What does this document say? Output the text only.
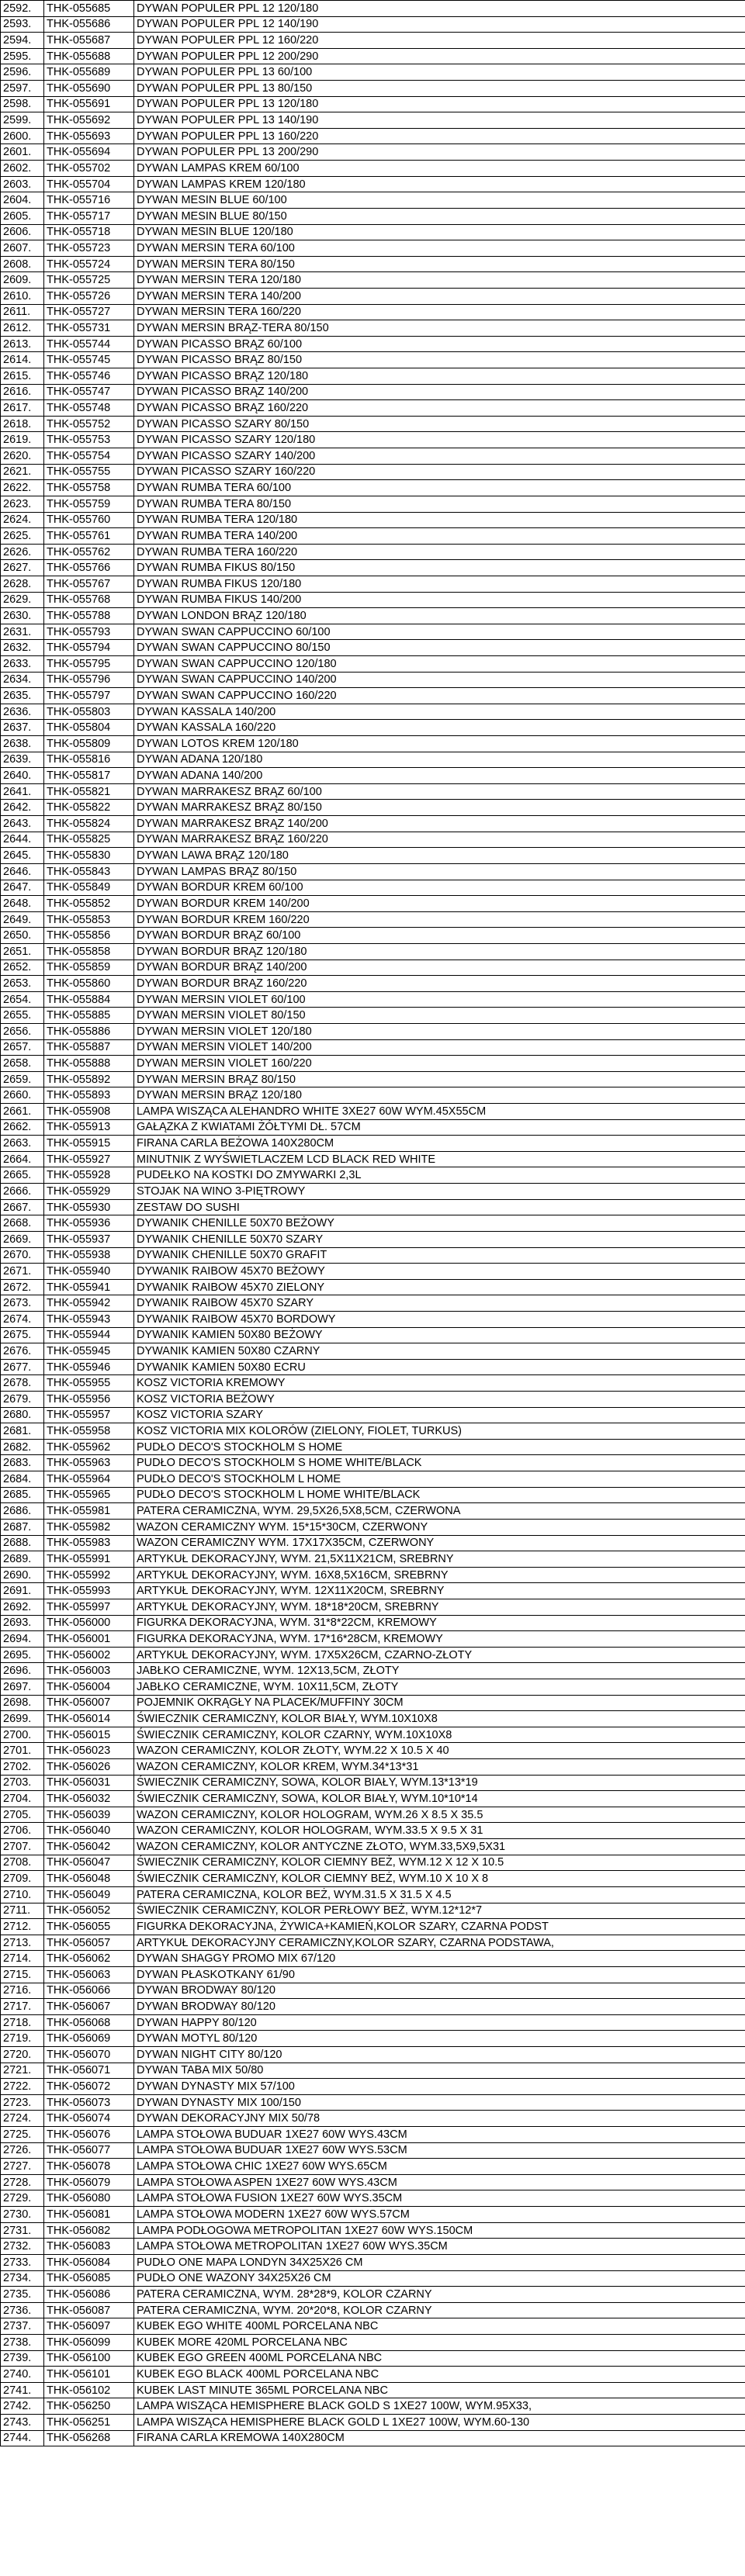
2592.	THK-055685	DYWAN POPULER PPL 12 120/180
2593.	THK-055686	DYWAN POPULER PPL 12 140/190
2594.	THK-055687	DYWAN POPULER PPL 12 160/220
2595.	THK-055688	DYWAN POPULER PPL 12 200/290
2596.	THK-055689	DYWAN POPULER PPL 13 60/100
2597.	THK-055690	DYWAN POPULER PPL 13 80/150
2598.	THK-055691	DYWAN POPULER PPL 13 120/180
2599.	THK-055692	DYWAN POPULER PPL 13 140/190
2600.	THK-055693	DYWAN POPULER PPL 13 160/220
2601.	THK-055694	DYWAN POPULER PPL 13 200/290
2602.	THK-055702	DYWAN LAMPAS KREM 60/100
2603.	THK-055704	DYWAN LAMPAS KREM 120/180
2604.	THK-055716	DYWAN MESIN BLUE 60/100
2605.	THK-055717	DYWAN MESIN BLUE 80/150
2606.	THK-055718	DYWAN MESIN BLUE 120/180
2607.	THK-055723	DYWAN MERSIN TERA 60/100
2608.	THK-055724	DYWAN MERSIN TERA 80/150
2609.	THK-055725	DYWAN MERSIN TERA 120/180
2610.	THK-055726	DYWAN MERSIN TERA 140/200
2611.	THK-055727	DYWAN MERSIN TERA 160/220
2612.	THK-055731	DYWAN MERSIN BRĄZ-TERA 80/150
2613.	THK-055744	DYWAN PICASSO BRĄZ 60/100
2614.	THK-055745	DYWAN PICASSO BRĄZ 80/150
2615.	THK-055746	DYWAN PICASSO BRĄZ 120/180
2616.	THK-055747	DYWAN PICASSO BRĄZ 140/200
2617.	THK-055748	DYWAN PICASSO BRĄZ 160/220
2618.	THK-055752	DYWAN PICASSO SZARY 80/150
2619.	THK-055753	DYWAN PICASSO SZARY 120/180
2620.	THK-055754	DYWAN PICASSO SZARY 140/200
2621.	THK-055755	DYWAN PICASSO SZARY 160/220
2622.	THK-055758	DYWAN RUMBA TERA 60/100
2623.	THK-055759	DYWAN RUMBA TERA 80/150
2624.	THK-055760	DYWAN RUMBA TERA 120/180
2625.	THK-055761	DYWAN RUMBA TERA 140/200
2626.	THK-055762	DYWAN RUMBA TERA 160/220
2627.	THK-055766	DYWAN RUMBA FIKUS 80/150
2628.	THK-055767	DYWAN RUMBA FIKUS 120/180
2629.	THK-055768	DYWAN RUMBA FIKUS 140/200
2630.	THK-055788	DYWAN LONDON BRĄZ 120/180
2631.	THK-055793	DYWAN SWAN CAPPUCCINO 60/100
2632.	THK-055794	DYWAN SWAN CAPPUCCINO 80/150
2633.	THK-055795	DYWAN SWAN CAPPUCCINO 120/180
2634.	THK-055796	DYWAN SWAN CAPPUCCINO 140/200
2635.	THK-055797	DYWAN SWAN CAPPUCCINO 160/220
2636.	THK-055803	DYWAN KASSALA 140/200
2637.	THK-055804	DYWAN KASSALA 160/220
2638.	THK-055809	DYWAN LOTOS KREM 120/180
2639.	THK-055816	DYWAN ADANA 120/180
2640.	THK-055817	DYWAN ADANA 140/200
2641.	THK-055821	DYWAN MARRAKESZ BRĄZ 60/100
2642.	THK-055822	DYWAN MARRAKESZ BRĄZ 80/150
2643.	THK-055824	DYWAN MARRAKESZ BRĄZ 140/200
2644.	THK-055825	DYWAN MARRAKESZ BRĄZ 160/220
2645.	THK-055830	DYWAN LAWA BRĄZ 120/180
2646.	THK-055843	DYWAN LAMPAS BRĄZ 80/150
2647.	THK-055849	DYWAN BORDUR KREM 60/100
2648.	THK-055852	DYWAN BORDUR KREM 140/200
2649.	THK-055853	DYWAN BORDUR KREM 160/220
2650.	THK-055856	DYWAN BORDUR BRĄZ 60/100
2651.	THK-055858	DYWAN BORDUR BRĄZ 120/180
2652.	THK-055859	DYWAN BORDUR BRĄZ 140/200
2653.	THK-055860	DYWAN BORDUR BRĄZ 160/220
2654.	THK-055884	DYWAN MERSIN VIOLET 60/100
2655.	THK-055885	DYWAN MERSIN VIOLET 80/150
2656.	THK-055886	DYWAN MERSIN VIOLET 120/180
2657.	THK-055887	DYWAN MERSIN VIOLET 140/200
2658.	THK-055888	DYWAN MERSIN VIOLET 160/220
2659.	THK-055892	DYWAN MERSIN BRĄZ 80/150
2660.	THK-055893	DYWAN MERSIN BRĄZ 120/180
2661.	THK-055908	LAMPA WISZĄCA ALEHANDRO WHITE 3XE27 60W WYM.45X55CM
2662.	THK-055913	GAŁĄZKA Z KWIATAMI ŻÓŁTYMI DŁ. 57CM
2663.	THK-055915	FIRANA CARLA BEŻOWA 140X280CM
2664.	THK-055927	MINUTNIK Z WYŚWIETLACZEM LCD BLACK RED WHITE
2665.	THK-055928	PUDEŁKO NA KOSTKI DO ZMYWARKI 2,3L
2666.	THK-055929	STOJAK NA WINO 3-PIĘTROWY
2667.	THK-055930	ZESTAW DO SUSHI
2668.	THK-055936	DYWANIK CHENILLE 50X70 BEŻOWY
2669.	THK-055937	DYWANIK CHENILLE 50X70 SZARY
2670.	THK-055938	DYWANIK CHENILLE 50X70 GRAFIT
2671.	THK-055940	DYWANIK RAIBOW 45X70 BEŻOWY
2672.	THK-055941	DYWANIK RAIBOW 45X70 ZIELONY
2673.	THK-055942	DYWANIK RAIBOW 45X70 SZARY
2674.	THK-055943	DYWANIK RAIBOW 45X70 BORDOWY
2675.	THK-055944	DYWANIK KAMIEN 50X80 BEŻOWY
2676.	THK-055945	DYWANIK KAMIEN 50X80 CZARNY
2677.	THK-055946	DYWANIK KAMIEN 50X80 ECRU
2678.	THK-055955	KOSZ VICTORIA KREMOWY
2679.	THK-055956	KOSZ VICTORIA BEŻOWY
2680.	THK-055957	KOSZ VICTORIA SZARY
2681.	THK-055958	KOSZ VICTORIA MIX KOLORÓW (ZIELONY, FIOLET, TURKUS)
2682.	THK-055962	PUDŁO DECO'S STOCKHOLM S HOME
2683.	THK-055963	PUDŁO DECO'S STOCKHOLM S HOME WHITE/BLACK
2684.	THK-055964	PUDŁO DECO'S STOCKHOLM L HOME
2685.	THK-055965	PUDŁO DECO'S STOCKHOLM L HOME WHITE/BLACK
2686.	THK-055981	PATERA CERAMICZNA, WYM. 29,5X26,5X8,5CM, CZERWONA
2687.	THK-055982	WAZON CERAMICZNY WYM. 15*15*30CM, CZERWONY
2688.	THK-055983	WAZON CERAMICZNY WYM. 17X17X35CM, CZERWONY
2689.	THK-055991	ARTYKUŁ DEKORACYJNY, WYM. 21,5X11X21CM, SREBRNY
2690.	THK-055992	ARTYKUŁ DEKORACYJNY, WYM. 16X8,5X16CM, SREBRNY
2691.	THK-055993	ARTYKUŁ DEKORACYJNY, WYM. 12X11X20CM, SREBRNY
2692.	THK-055997	ARTYKUŁ DEKORACYJNY, WYM. 18*18*20CM, SREBRNY
2693.	THK-056000	FIGURKA DEKORACYJNA, WYM. 31*8*22CM, KREMOWY
2694.	THK-056001	FIGURKA DEKORACYJNA, WYM. 17*16*28CM, KREMOWY
2695.	THK-056002	ARTYKUŁ DEKORACYJNY, WYM. 17X5X26CM, CZARNO-ZŁOTY
2696.	THK-056003	JABŁKO CERAMICZNE, WYM. 12X13,5CM, ZŁOTY
2697.	THK-056004	JABŁKO CERAMICZNE, WYM. 10X11,5CM, ZŁOTY
2698.	THK-056007	POJEMNIK OKRĄGŁY NA PLACEK/MUFFINY 30CM
2699.	THK-056014	ŚWIECZNIK CERAMICZNY, KOLOR BIAŁY, WYM.10X10X8
2700.	THK-056015	ŚWIECZNIK CERAMICZNY, KOLOR CZARNY, WYM.10X10X8
2701.	THK-056023	WAZON CERAMICZNY, KOLOR ZŁOTY, WYM.22 X 10.5 X 40
2702.	THK-056026	WAZON CERAMICZNY, KOLOR KREM, WYM.34*13*31
2703.	THK-056031	ŚWIECZNIK CERAMICZNY, SOWA, KOLOR BIAŁY, WYM.13*13*19
2704.	THK-056032	ŚWIECZNIK CERAMICZNY, SOWA, KOLOR BIAŁY, WYM.10*10*14
2705.	THK-056039	WAZON CERAMICZNY, KOLOR HOLOGRAM, WYM.26 X 8.5 X 35.5
2706.	THK-056040	WAZON CERAMICZNY, KOLOR HOLOGRAM, WYM.33.5 X 9.5 X 31
2707.	THK-056042	WAZON CERAMICZNY, KOLOR ANTYCZNE ZŁOTO, WYM.33,5X9,5X31
2708.	THK-056047	ŚWIECZNIK CERAMICZNY, KOLOR CIEMNY BEŻ, WYM.12 X 12 X 10.5
2709.	THK-056048	ŚWIECZNIK CERAMICZNY, KOLOR CIEMNY BEŻ, WYM.10 X 10 X 8
2710.	THK-056049	PATERA CERAMICZNA, KOLOR BEŻ, WYM.31.5 X 31.5 X 4.5
2711.	THK-056052	ŚWIECZNIK CERAMICZNY, KOLOR PERŁOWY BEŻ, WYM.12*12*7
2712.	THK-056055	FIGURKA DEKORACYJNA, ŻYWICA+KAMIEŃ,KOLOR SZARY, CZARNA PODST
2713.	THK-056057	ARTYKUŁ DEKORACYJNY CERAMICZNY,KOLOR SZARY, CZARNA PODSTAWA,
2714.	THK-056062	DYWAN SHAGGY PROMO MIX 67/120
2715.	THK-056063	DYWAN PŁASKOTKANY 61/90
2716.	THK-056066	DYWAN BRODWAY 80/120
2717.	THK-056067	DYWAN BRODWAY 80/120
2718.	THK-056068	DYWAN HAPPY 80/120
2719.	THK-056069	DYWAN MOTYL 80/120
2720.	THK-056070	DYWAN NIGHT CITY 80/120
2721.	THK-056071	DYWAN TABA MIX 50/80
2722.	THK-056072	DYWAN DYNASTY MIX 57/100
2723.	THK-056073	DYWAN DYNASTY MIX 100/150
2724.	THK-056074	DYWAN DEKORACYJNY MIX 50/78
2725.	THK-056076	LAMPA STOŁOWA BUDUAR 1XE27 60W WYS.43CM
2726.	THK-056077	LAMPA STOŁOWA BUDUAR 1XE27 60W WYS.53CM
2727.	THK-056078	LAMPA STOŁOWA CHIC 1XE27 60W WYS.65CM
2728.	THK-056079	LAMPA STOŁOWA ASPEN 1XE27 60W WYS.43CM
2729.	THK-056080	LAMPA STOŁOWA FUSION 1XE27 60W WYS.35CM
2730.	THK-056081	LAMPA STOŁOWA MODERN 1XE27 60W WYS.57CM
2731.	THK-056082	LAMPA PODŁOGOWA METROPOLITAN 1XE27 60W WYS.150CM
2732.	THK-056083	LAMPA STOŁOWA METROPOLITAN 1XE27 60W WYS.35CM
2733.	THK-056084	PUDŁO ONE MAPA LONDYN 34X25X26 CM
2734.	THK-056085	PUDŁO ONE WAZONY 34X25X26 CM
2735.	THK-056086	PATERA CERAMICZNA, WYM. 28*28*9, KOLOR CZARNY
2736.	THK-056087	PATERA CERAMICZNA, WYM. 20*20*8, KOLOR CZARNY
2737.	THK-056097	KUBEK EGO WHITE 400ML PORCELANA NBC
2738.	THK-056099	KUBEK MORE 420ML PORCELANA NBC
2739.	THK-056100	KUBEK EGO GREEN 400ML PORCELANA NBC
2740.	THK-056101	KUBEK EGO BLACK 400ML PORCELANA NBC
2741.	THK-056102	KUBEK LAST MINUTE 365ML PORCELANA NBC
2742.	THK-056250	LAMPA WISZĄCA HEMISPHERE BLACK GOLD S 1XE27 100W, WYM.95X33,
2743.	THK-056251	LAMPA WISZĄCA HEMISPHERE BLACK GOLD L 1XE27 100W, WYM.60-130
2744.	THK-056268	FIRANA CARLA KREMOWA 140X280CM
